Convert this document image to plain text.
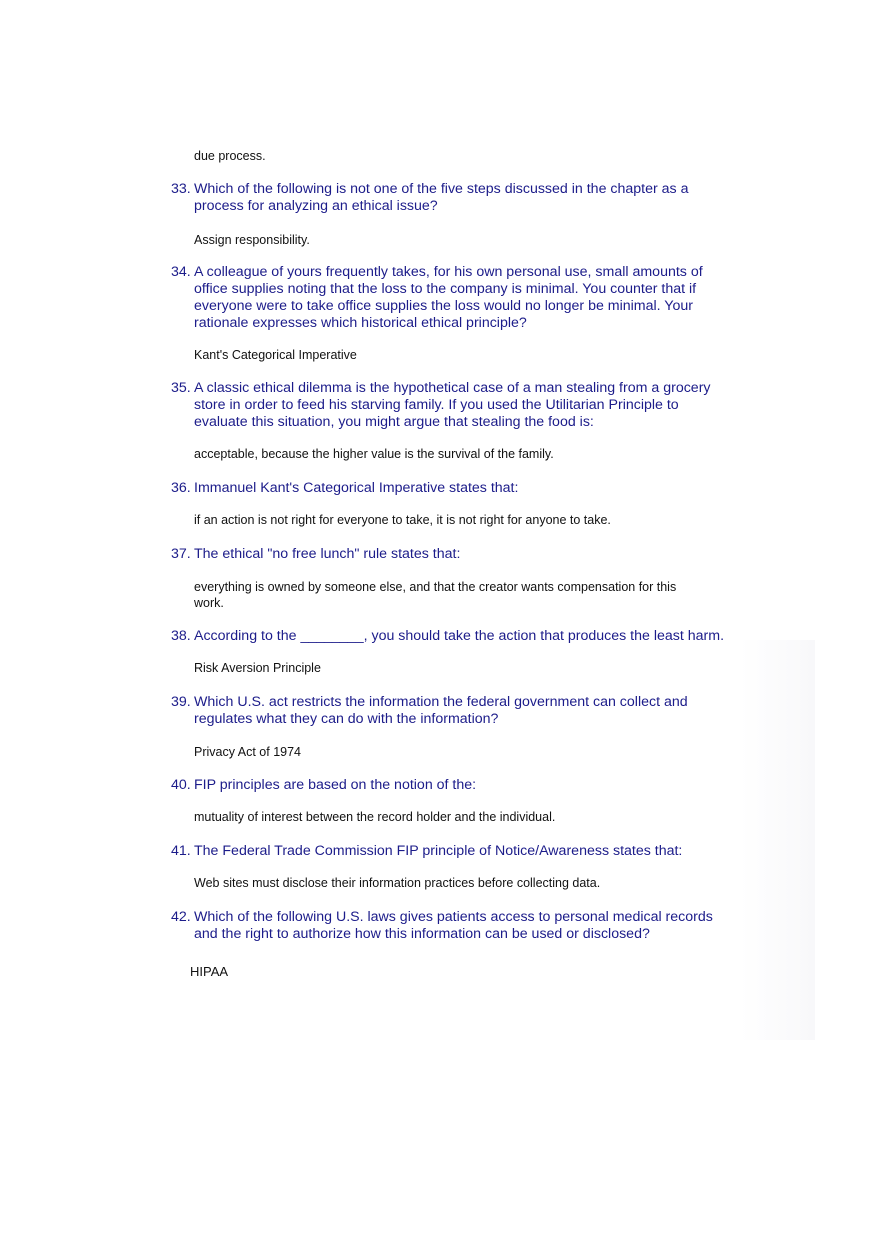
due process.

33. Which of the following is not one of the five steps discussed in the chapter as a

process for analyzing an ethical issue?

Assign responsibility.

34. A colleague of yours frequently takes, for his own personal use, small amounts of

office supplies noting that the loss to the company is minimal. You counter that if

everyone were to take office supplies the loss would no longer be minimal. Your

rationale expresses which historical ethical principle?

Kant's Categorical Imperative

35. A classic ethical dilemma is the hypothetical case of a man stealing from a grocery

store in order to feed his starving family. If you used the Utilitarian Principle to

evaluate this situation, you might argue that stealing the food is:

acceptable, because the higher value is the survival of the family.

36. Immanuel Kant's Categorical Imperative states that:

if an action is not right for everyone to take, it is not right for anyone to take.

37. The ethical "no free lunch" rule states that:

everything is owned by someone else, and that the creator wants compensation for this

work.

38. According to the ________, you should take the action that produces the least harm.

Risk Aversion Principle

39. Which U.S. act restricts the information the federal government can collect and

regulates what they can do with the information?

Privacy Act of 1974

40. FIP principles are based on the notion of the:

mutuality of interest between the record holder and the individual.

41. The Federal Trade Commission FIP principle of Notice/Awareness states that:

Web sites must disclose their information practices before collecting data.

42. Which of the following U.S. laws gives patients access to personal medical records

and the right to authorize how this information can be used or disclosed?

HIPAA
